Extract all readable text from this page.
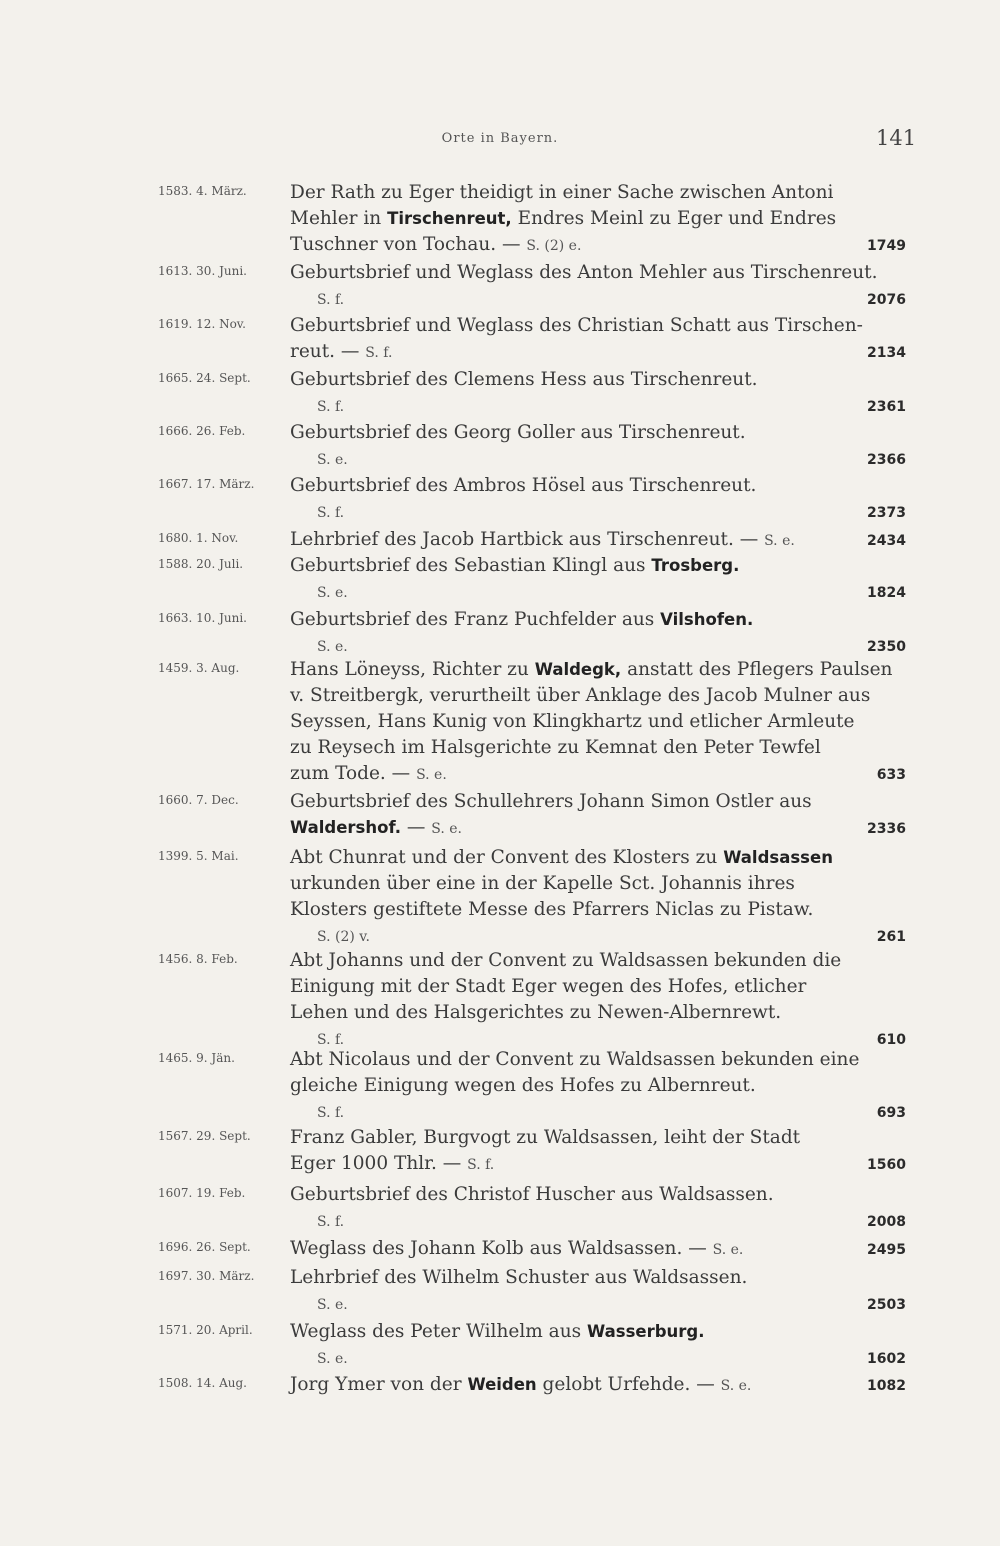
Orte in Bayern.	141
1583. 4. März. Der Rath zu Eger theidigt in einer Sache zwischen Antoni
Mehler in Tirschenreut, Endres Meinl zu Eger und Endres
Tuschner von Tochau. — S. (2) e.	1749
1613. 30. Juni. Geburtsbrief und Weglass des Anton Mehler aus Tirschenreut.
S. f.	2076
1619. 12. Nov. Geburtsbrief und Weglass des Christian Schatt aus Tirschen-
reut. — S. f.	2134
1665. 24. Sept. Geburtsbrief des Clemens Hess aus Tirschenreut.
S. f.	2361
1666. 26. Feb. Geburtsbrief des Georg Goller aus Tirschenreut.
S. e.	2366
1667. 17. März. Geburtsbrief des Ambros Hösel aus Tirschenreut.
S. f.	2373
1680. 1. Nov.	Lehrbrief des Jacob Hartbick aus Tirschenreut. — S. e.	2434
1588. 20. Juli.	Geburtsbrief des Sebastian Klingl aus Trosberg.
S. e.	1824
1663. 10. Juni. Geburtsbrief des Franz Puchfelder aus Vilshofen.
S. e.	2350
1459. 3. Aug.	Hans Löneyss, Richter zu Waldegk, anstatt des Pflegers Paulsen
v. Streitbergk, verurtheilt über Anklage des Jacob Mulner aus
Seyssen, Hans Kunig von Klingkhartz und etlicher Armleute
zu Reysech im Halsgerichte zu Kemnat den Peter Tewfel
zum Tode. — S. e.	633
1660. 7. Dec.	Geburtsbrief des Schullehrers Johann Simon Ostler aus
Waldershof. — S. e.	2336
1399. 5. Mai.	Abt Chunrat und der Convent des Klosters zu Waldsassen
urkunden über eine in der Kapelle Sct. Johannis ihres
Klosters gestiftete Messe des Pfarrers Niclas zu Pistaw.
S. (2) v.	261
1456. 8. Feb.	Abt Johanns und der Convent zu Waldsassen bekunden die
Einigung mit der Stadt Eger wegen des Hofes, etlicher
Lehen und des Halsgerichtes zu Newen-Albernrewt.
S. f.	610
1465. 9. Jän.	Abt Nicolaus und der Convent zu Waldsassen bekunden eine
gleiche Einigung wegen des Hofes zu Albernreut.
S. f.	693
1567. 29. Sept. Franz Gabler, Burgvogt zu Waldsassen, leiht der Stadt
Eger 1000 Thlr. — S. f.	1560
1607. 19. Feb. Geburtsbrief des Christof Huscher aus Waldsassen.
S. f.	2008
1696. 26. Sept. Weglass des Johann Kolb aus Waldsassen. — S. e.	2495
1697. 30. März. Lehrbrief des Wilhelm Schuster aus Waldsassen.
S. e.	2503
1571. 20. April. Weglass des Peter Wilhelm aus Wasserburg.
S. e.	1602
1508. 14. Aug. Jorg Ymer von der Weiden gelobt Urfehde. — S. e.	1082
